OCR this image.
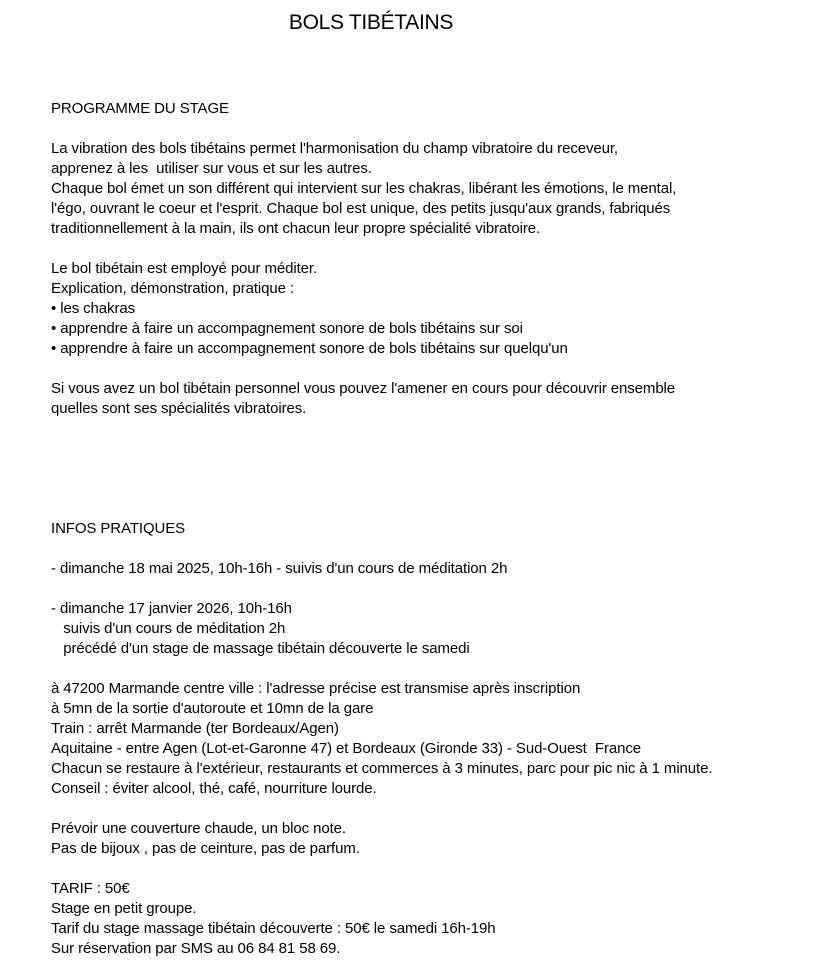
BOLS TIBÉTAINS
PROGRAMME DU STAGE
La vibration des bols tibétains permet l'harmonisation du champ vibratoire du receveur,
apprenez à les  utiliser sur vous et sur les autres.
Chaque bol émet un son différent qui intervient sur les chakras, libérant les émotions, le mental,
l'égo, ouvrant le coeur et l'esprit. Chaque bol est unique, des petits jusqu'aux grands, fabriqués
traditionnellement à la main, ils ont chacun leur propre spécialité vibratoire.
Le bol tibétain est employé pour méditer.
Explication, démonstration, pratique :
• les chakras
• apprendre à faire un accompagnement sonore de bols tibétains sur soi
• apprendre à faire un accompagnement sonore de bols tibétains sur quelqu'un
Si vous avez un bol tibétain personnel vous pouvez l'amener en cours pour découvrir ensemble
quelles sont ses spécialités vibratoires.
INFOS PRATIQUES
- dimanche 18 mai 2025, 10h-16h - suivis d'un cours de méditation 2h
- dimanche 17 janvier 2026, 10h-16h
suivis d'un cours de méditation 2h
précédé d'un stage de massage tibétain découverte le samedi
à 47200 Marmande centre ville : l'adresse précise est transmise après inscription
à 5mn de la sortie d'autoroute et 10mn de la gare
Train : arrêt Marmande (ter Bordeaux/Agen)
Aquitaine - entre Agen (Lot-et-Garonne 47) et Bordeaux (Gironde 33) - Sud-Ouest  France
Chacun se restaure à l'extérieur, restaurants et commerces à 3 minutes, parc pour pic nic à 1 minute.
Conseil : éviter alcool, thé, café, nourriture lourde.
Prévoir une couverture chaude, un bloc note.
Pas de bijoux , pas de ceinture, pas de parfum.
TARIF : 50€
Stage en petit groupe.
Tarif du stage massage tibétain découverte : 50€ le samedi 16h-19h
Sur réservation par SMS au 06 84 81 58 69.
